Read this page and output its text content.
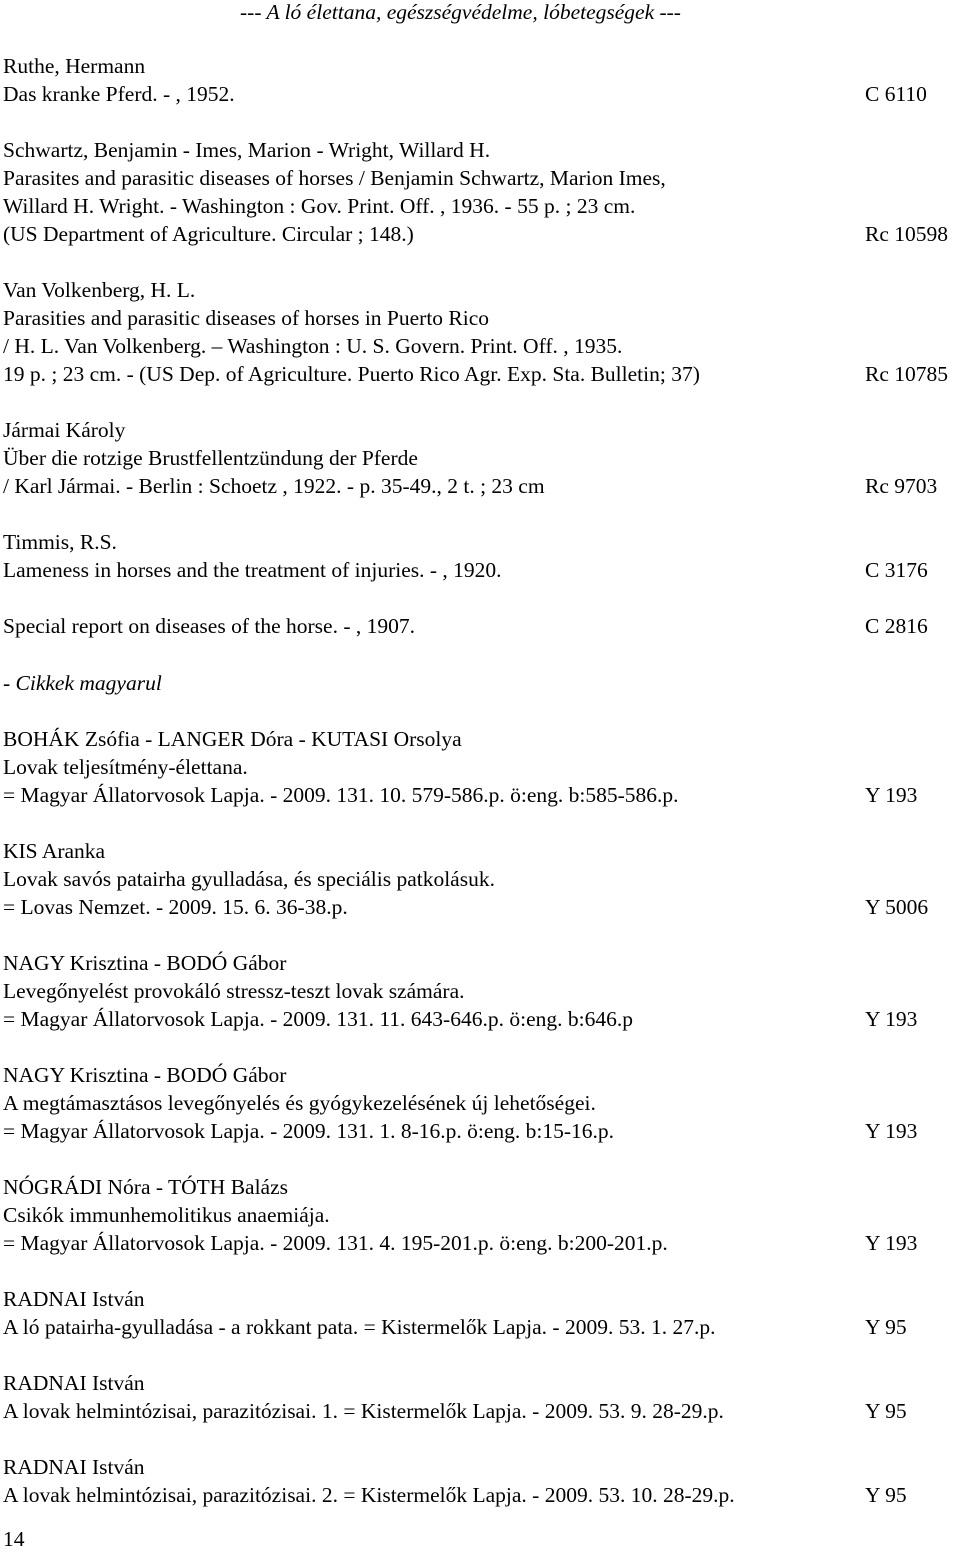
--- A ló élettana, egészségvédelme, lóbetegségek ---
Ruthe, Hermann
Das kranke Pferd. - , 1952.	C 6110
Schwartz, Benjamin - Imes, Marion - Wright, Willard H.
Parasites and parasitic diseases of horses / Benjamin Schwartz, Marion Imes,
Willard H. Wright. - Washington : Gov. Print. Off. , 1936. - 55 p. ; 23 cm.
(US Department of Agriculture. Circular ; 148.)	Rc 10598
Van Volkenberg, H. L.
Parasities and parasitic diseases of horses in Puerto Rico
/ H. L. Van Volkenberg. – Washington : U. S. Govern. Print. Off. , 1935.
19 p. ; 23 cm. - (US Dep. of Agriculture. Puerto Rico Agr. Exp. Sta. Bulletin; 37)	Rc 10785
Jármai Károly
Über die rotzige Brustfellentzündung der Pferde
/ Karl Jármai. - Berlin : Schoetz , 1922. - p. 35-49., 2 t. ; 23 cm	Rc 9703
Timmis, R.S.
Lameness in horses and the treatment of injuries. - , 1920.	C 3176
Special report on diseases of the horse. - , 1907.	C 2816
- Cikkek magyarul
BOHÁK Zsófia - LANGER Dóra - KUTASI Orsolya
Lovak teljesítmény-élettana.
= Magyar Állatorvosok Lapja. - 2009. 131. 10. 579-586.p. ö:eng. b:585-586.p.	Y 193
KIS Aranka
Lovak savós patairha gyulladása, és speciális patkolásuk.
= Lovas Nemzet. - 2009. 15. 6. 36-38.p.	Y 5006
NAGY Krisztina - BODÓ Gábor
Levegőnyelést provokáló stressz-teszt lovak számára.
= Magyar Állatorvosok Lapja. - 2009. 131. 11. 643-646.p. ö:eng. b:646.p	Y 193
NAGY Krisztina - BODÓ Gábor
A megtámasztásos levegőnyelés és gyógykezelésének új lehetőségei.
= Magyar Állatorvosok Lapja. - 2009. 131. 1. 8-16.p. ö:eng. b:15-16.p.	Y 193
NÓGRÁDI Nóra - TÓTH Balázs
Csikók immunhemolitikus anaemiája.
= Magyar Állatorvosok Lapja. - 2009. 131. 4. 195-201.p. ö:eng. b:200-201.p.	Y 193
RADNAI István
A ló patairha-gyulladása - a rokkant pata. = Kistermelők Lapja. - 2009. 53. 1. 27.p.	Y 95
RADNAI István
A lovak helmintózisai, parazitózisai. 1. = Kistermelők Lapja. - 2009. 53. 9. 28-29.p.	Y 95
RADNAI István
A lovak helmintózisai, parazitózisai. 2. = Kistermelők Lapja. - 2009. 53. 10. 28-29.p.	Y 95
14
